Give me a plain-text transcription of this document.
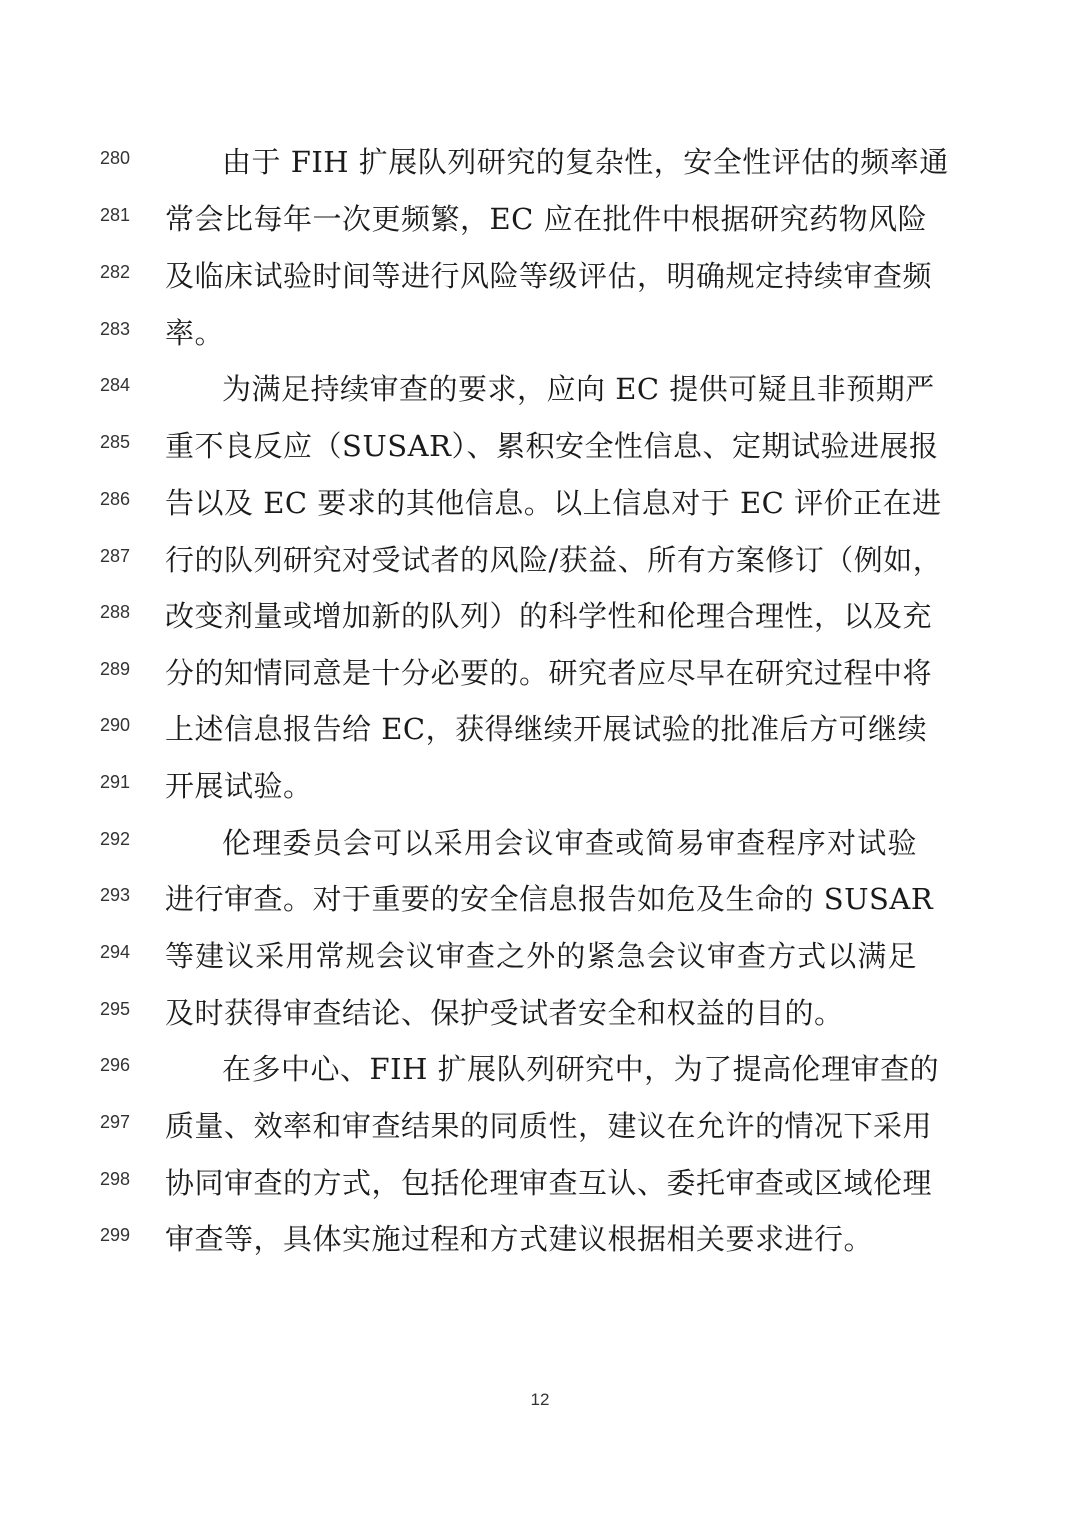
280	由于 FIH 扩展队列研究的复杂性，安全性评估的频率通
281	常会比每年一次更频繁，EC 应在批件中根据研究药物风险
282	及临床试验时间等进行风险等级评估，明确规定持续审查频
283	率。
284	为满足持续审查的要求，应向 EC 提供可疑且非预期严
285	重不良反应（SUSAR）、累积安全性信息、定期试验进展报
286	告以及 EC 要求的其他信息。以上信息对于 EC 评价正在进
287	行的队列研究对受试者的风险/获益、所有方案修订（例如，
288	改变剂量或增加新的队列）的科学性和伦理合理性，以及充
289	分的知情同意是十分必要的。研究者应尽早在研究过程中将
290	上述信息报告给 EC，获得继续开展试验的批准后方可继续
291	开展试验。
292	伦理委员会可以采用会议审查或简易审查程序对试验
293	进行审查。对于重要的安全信息报告如危及生命的 SUSAR
294	等建议采用常规会议审查之外的紧急会议审查方式以满足
295	及时获得审查结论、保护受试者安全和权益的目的。
296	在多中心、FIH 扩展队列研究中，为了提高伦理审查的
297	质量、效率和审查结果的同质性，建议在允许的情况下采用
298	协同审查的方式，包括伦理审查互认、委托审查或区域伦理
299	审查等，具体实施过程和方式建议根据相关要求进行。
12
